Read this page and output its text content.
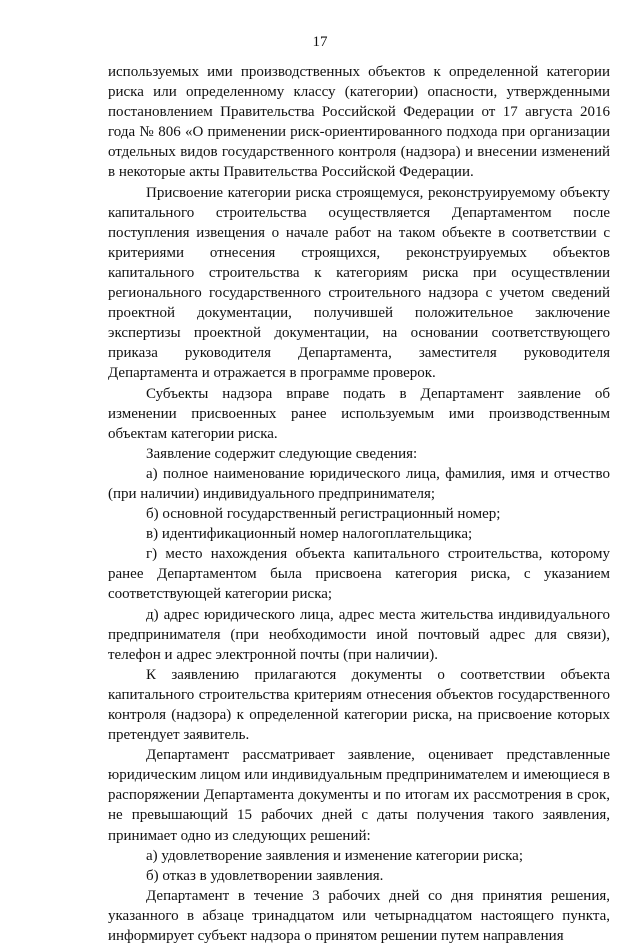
17

используемых ими производственных объектов к определенной категории риска или определенному классу (категории) опасности, утвержденными постановлением Правительства Российской Федерации от 17 августа 2016 года № 806 «О применении риск-ориентированного подхода при организации отдельных видов государственного контроля (надзора) и внесении изменений в некоторые акты Правительства Российской Федерации.

Присвоение категории риска строящемуся, реконструируемому объекту капитального строительства осуществляется Департаментом после поступления извещения о начале работ на таком объекте в соответствии с критериями отнесения строящихся, реконструируемых объектов капитального строительства к категориям риска при осуществлении регионального государственного строительного надзора с учетом сведений проектной документации, получившей положительное заключение экспертизы проектной документации, на основании соответствующего приказа руководителя Департамента, заместителя руководителя Департамента и отражается в программе проверок.

Субъекты надзора вправе подать в Департамент заявление об изменении присвоенных ранее используемым ими производственным объектам категории риска.

Заявление содержит следующие сведения:

а) полное наименование юридического лица, фамилия, имя и отчество (при наличии) индивидуального предпринимателя;

б) основной государственный регистрационный номер;

в) идентификационный номер налогоплательщика;

г) место нахождения объекта капитального строительства, которому ранее Департаментом была присвоена категория риска, с указанием соответствующей категории риска;

д) адрес юридического лица, адрес места жительства индивидуального предпринимателя (при необходимости иной почтовый адрес для связи), телефон и адрес электронной почты (при наличии).

К заявлению прилагаются документы о соответствии объекта капитального строительства критериям отнесения объектов государственного контроля (надзора) к определенной категории риска, на присвоение которых претендует заявитель.

Департамент рассматривает заявление, оценивает представленные юридическим лицом или индивидуальным предпринимателем и имеющиеся в распоряжении Департамента документы и по итогам их рассмотрения в срок, не превышающий 15 рабочих дней с даты получения такого заявления, принимает одно из следующих решений:

а) удовлетворение заявления и изменение категории риска;

б) отказ в удовлетворении заявления.

Департамент в течение 3 рабочих дней со дня принятия решения, указанного в абзаце тринадцатом или четырнадцатом настоящего пункта, информирует субъект надзора о принятом решении путем направления
